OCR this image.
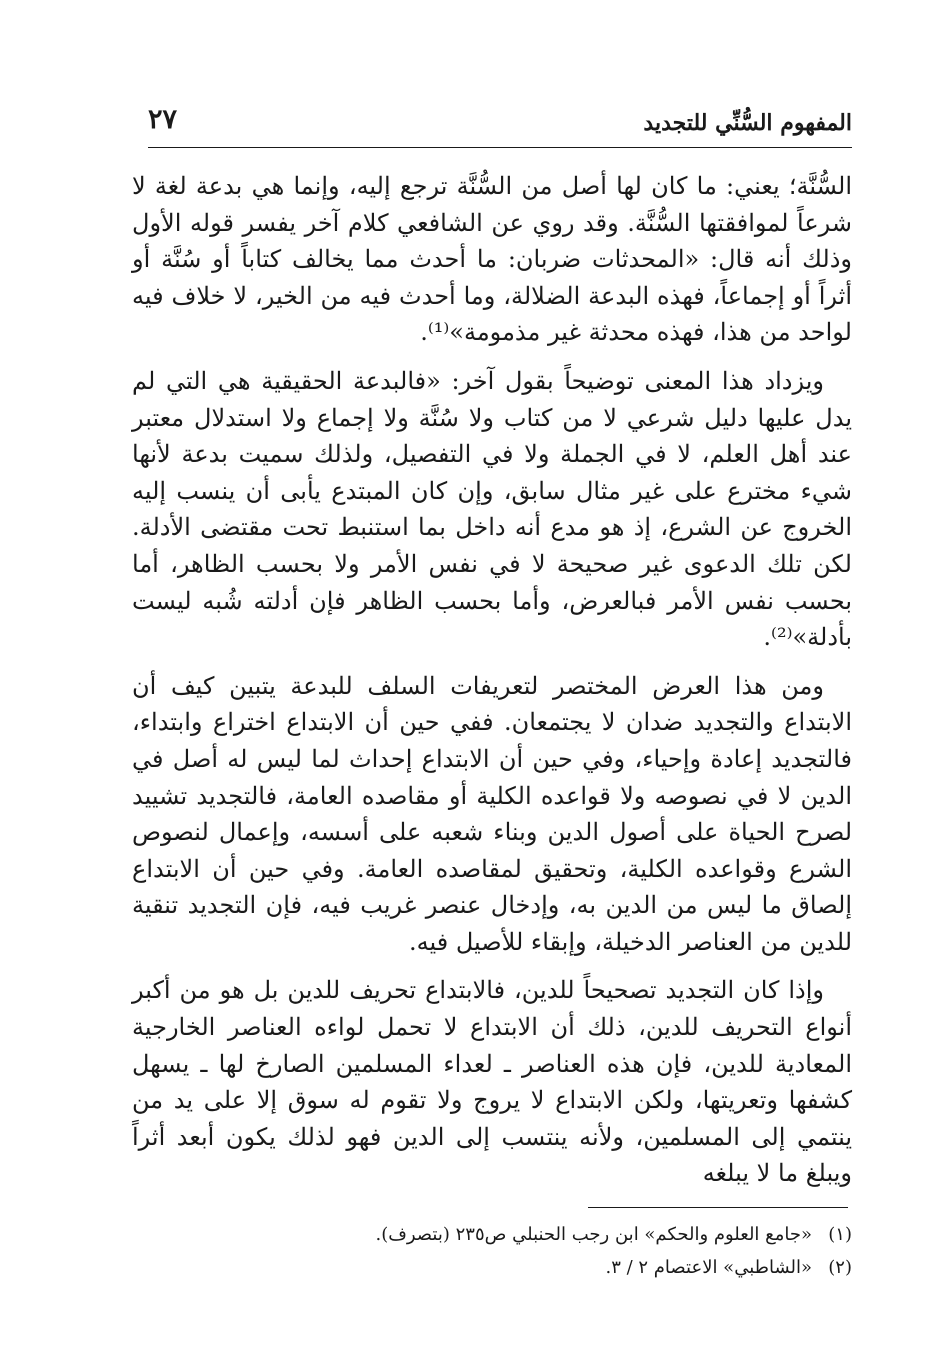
المفهوم السُّنِّي للتجديد
٢٧

السُّنَّة؛ يعني: ما كان لها أصل من السُّنَّة ترجع إليه، وإنما هي بدعة لغة لا شرعاً لموافقتها السُّنَّة. وقد روي عن الشافعي كلام آخر يفسر قوله الأول وذلك أنه قال: «المحدثات ضربان: ما أحدث مما يخالف كتاباً أو سُنَّة أو أثراً أو إجماعاً، فهذه البدعة الضلالة، وما أحدث فيه من الخير، لا خلاف فيه لواحد من هذا، فهذه محدثة غير مذمومة»⁽¹⁾.

ويزداد هذا المعنى توضيحاً بقول آخر: «فالبدعة الحقيقية هي التي لم يدل عليها دليل شرعي لا من كتاب ولا سُنَّة ولا إجماع ولا استدلال معتبر عند أهل العلم، لا في الجملة ولا في التفصيل، ولذلك سميت بدعة لأنها شيء مخترع على غير مثال سابق، وإن كان المبتدع يأبى أن ينسب إليه الخروج عن الشرع، إذ هو مدع أنه داخل بما استنبط تحت مقتضى الأدلة. لكن تلك الدعوى غير صحيحة لا في نفس الأمر ولا بحسب الظاهر، أما بحسب نفس الأمر فبالعرض، وأما بحسب الظاهر فإن أدلته شُبه ليست بأدلة»⁽²⁾.

ومن هذا العرض المختصر لتعريفات السلف للبدعة يتبين كيف أن الابتداع والتجديد ضدان لا يجتمعان. ففي حين أن الابتداع اختراع وابتداء، فالتجديد إعادة وإحياء، وفي حين أن الابتداع إحداث لما ليس له أصل في الدين لا في نصوصه ولا قواعده الكلية أو مقاصده العامة، فالتجديد تشييد لصرح الحياة على أصول الدين وبناء شعبه على أسسه، وإعمال لنصوص الشرع وقواعده الكلية، وتحقيق لمقاصده العامة. وفي حين أن الابتداع إلصاق ما ليس من الدين به، وإدخال عنصر غريب فيه، فإن التجديد تنقية للدين من العناصر الدخيلة، وإبقاء للأصيل فيه.

وإذا كان التجديد تصحيحاً للدين، فالابتداع تحريف للدين بل هو من أكبر أنواع التحريف للدين، ذلك أن الابتداع لا تحمل لواءه العناصر الخارجية المعادية للدين، فإن هذه العناصر ـ لعداء المسلمين الصارخ لها ـ يسهل كشفها وتعريتها، ولكن الابتداع لا يروج ولا تقوم له سوق إلا على يد من ينتمي إلى المسلمين، ولأنه ينتسب إلى الدين فهو لذلك يكون أبعد أثراً ويبلغ ما لا يبلغه

(١)«جامع العلوم والحكم» ابن رجب الحنبلي ص٢٣٥ (بتصرف).

(٢)«الشاطبي» الاعتصام ٢ / ٣.
